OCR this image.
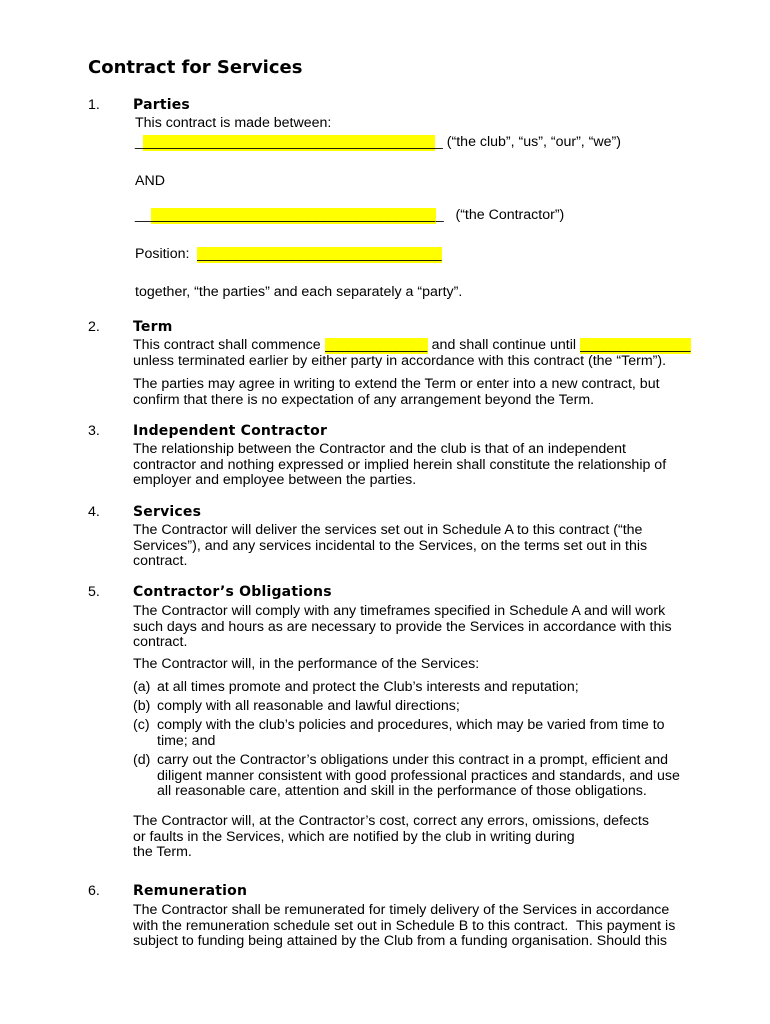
Contract for Services
1. Parties
This contract is made between:
_ _____________________________________ _ (“the club”, “us”, “our”, “we”)
AND
__ ____________________________________ _ (“the Contractor”)
Position: _______________________________
together, “the parties” and each separately a “party”.
2. Term
This contract shall commence _____________ and shall continue until ______________
unless terminated earlier by either party in accordance with this contract (the “Term”).
The parties may agree in writing to extend the Term or enter into a new contract, but
confirm that there is no expectation of any arrangement beyond the Term.
3. Independent Contractor
The relationship between the Contractor and the club is that of an independent
contractor and nothing expressed or implied herein shall constitute the relationship of
employer and employee between the parties.
4. Services
The Contractor will deliver the services set out in Schedule A to this contract (“the
Services”), and any services incidental to the Services, on the terms set out in this
contract.
5. Contractor’s Obligations
The Contractor will comply with any timeframes specified in Schedule A and will work
such days and hours as are necessary to provide the Services in accordance with this
contract.
The Contractor will, in the performance of the Services:
(a) at all times promote and protect the Club’s interests and reputation;
(b) comply with all reasonable and lawful directions;
(c) comply with the club’s policies and procedures, which may be varied from time to
time; and
(d) carry out the Contractor’s obligations under this contract in a prompt, efficient and
diligent manner consistent with good professional practices and standards, and use
all reasonable care, attention and skill in the performance of those obligations.
The Contractor will, at the Contractor’s cost, correct any errors, omissions, defects
or faults in the Services, which are notified by the club in writing during
the Term.
6. Remuneration
The Contractor shall be remunerated for timely delivery of the Services in accordance
with the remuneration schedule set out in Schedule B to this contract.  This payment is
subject to funding being attained by the Club from a funding organisation. Should this
